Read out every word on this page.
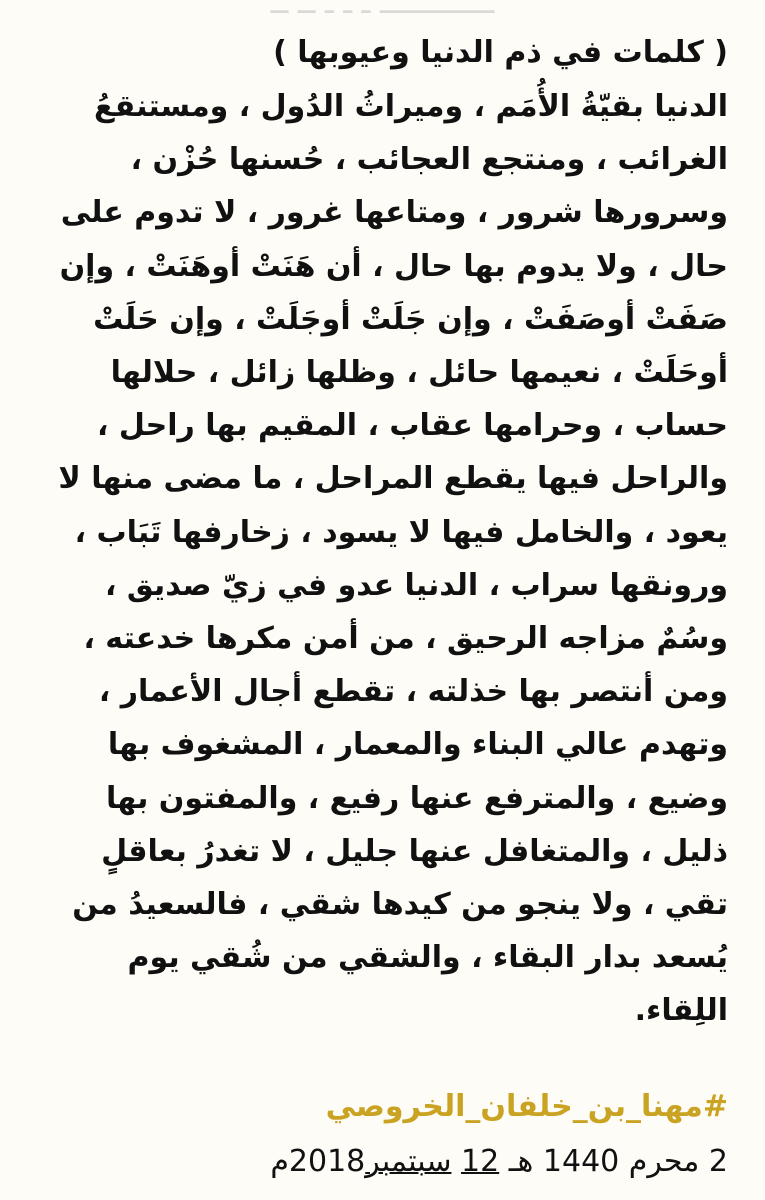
ـــــــــــــ ـ ـ ـ ــ ــ

( كلمات في ذم الدنيا وعيوبها )

الدنيا بقيّةُ الأُمَم ، وميراثُ الدُول ، ومستنقعُ

الغرائب ، ومنتجع العجائب ، حُسنها حُزْن ،

وسرورها شرور ، ومتاعها غرور ، لا تدوم على

حال ، ولا يدوم بها حال ، أن هَنَتْ أوهَنَتْ ، وإن

صَفَتْ أوصَفَتْ ، وإن جَلَتْ أوجَلَتْ ، وإن حَلَتْ

أوحَلَتْ ، نعيمها حائل ، وظلها زائل ، حلالها

حساب ، وحرامها عقاب ، المقيم بها راحل ،

والراحل فيها يقطع المراحل ، ما مضى منها لا

يعود ، والخامل فيها لا يسود ، زخارفها تَبَاب ،

ورونقها سراب ، الدنيا عدو في زيّ صديق ،

وسُمٌ مزاجه الرحيق ، من أمن مكرها خدعته ،

ومن أنتصر بها خذلته ، تقطع أجال الأعمار ،

وتهدم عالي البناء والمعمار ، المشغوف بها

وضيع ، والمترفع عنها رفيع ، والمفتون بها

ذليل ، والمتغافل عنها جليل ، لا تغدرُ بعاقلٍ

تقي ، ولا ينجو من كيدها شقي ، فالسعيدُ من

يُسعد بدار البقاء ، والشقي من شُقي يوم

اللِقاء.

#مهنا_بن_خلفان_الخروصي
2 محرم 1440 هـ 12 سبتمبر2018م
